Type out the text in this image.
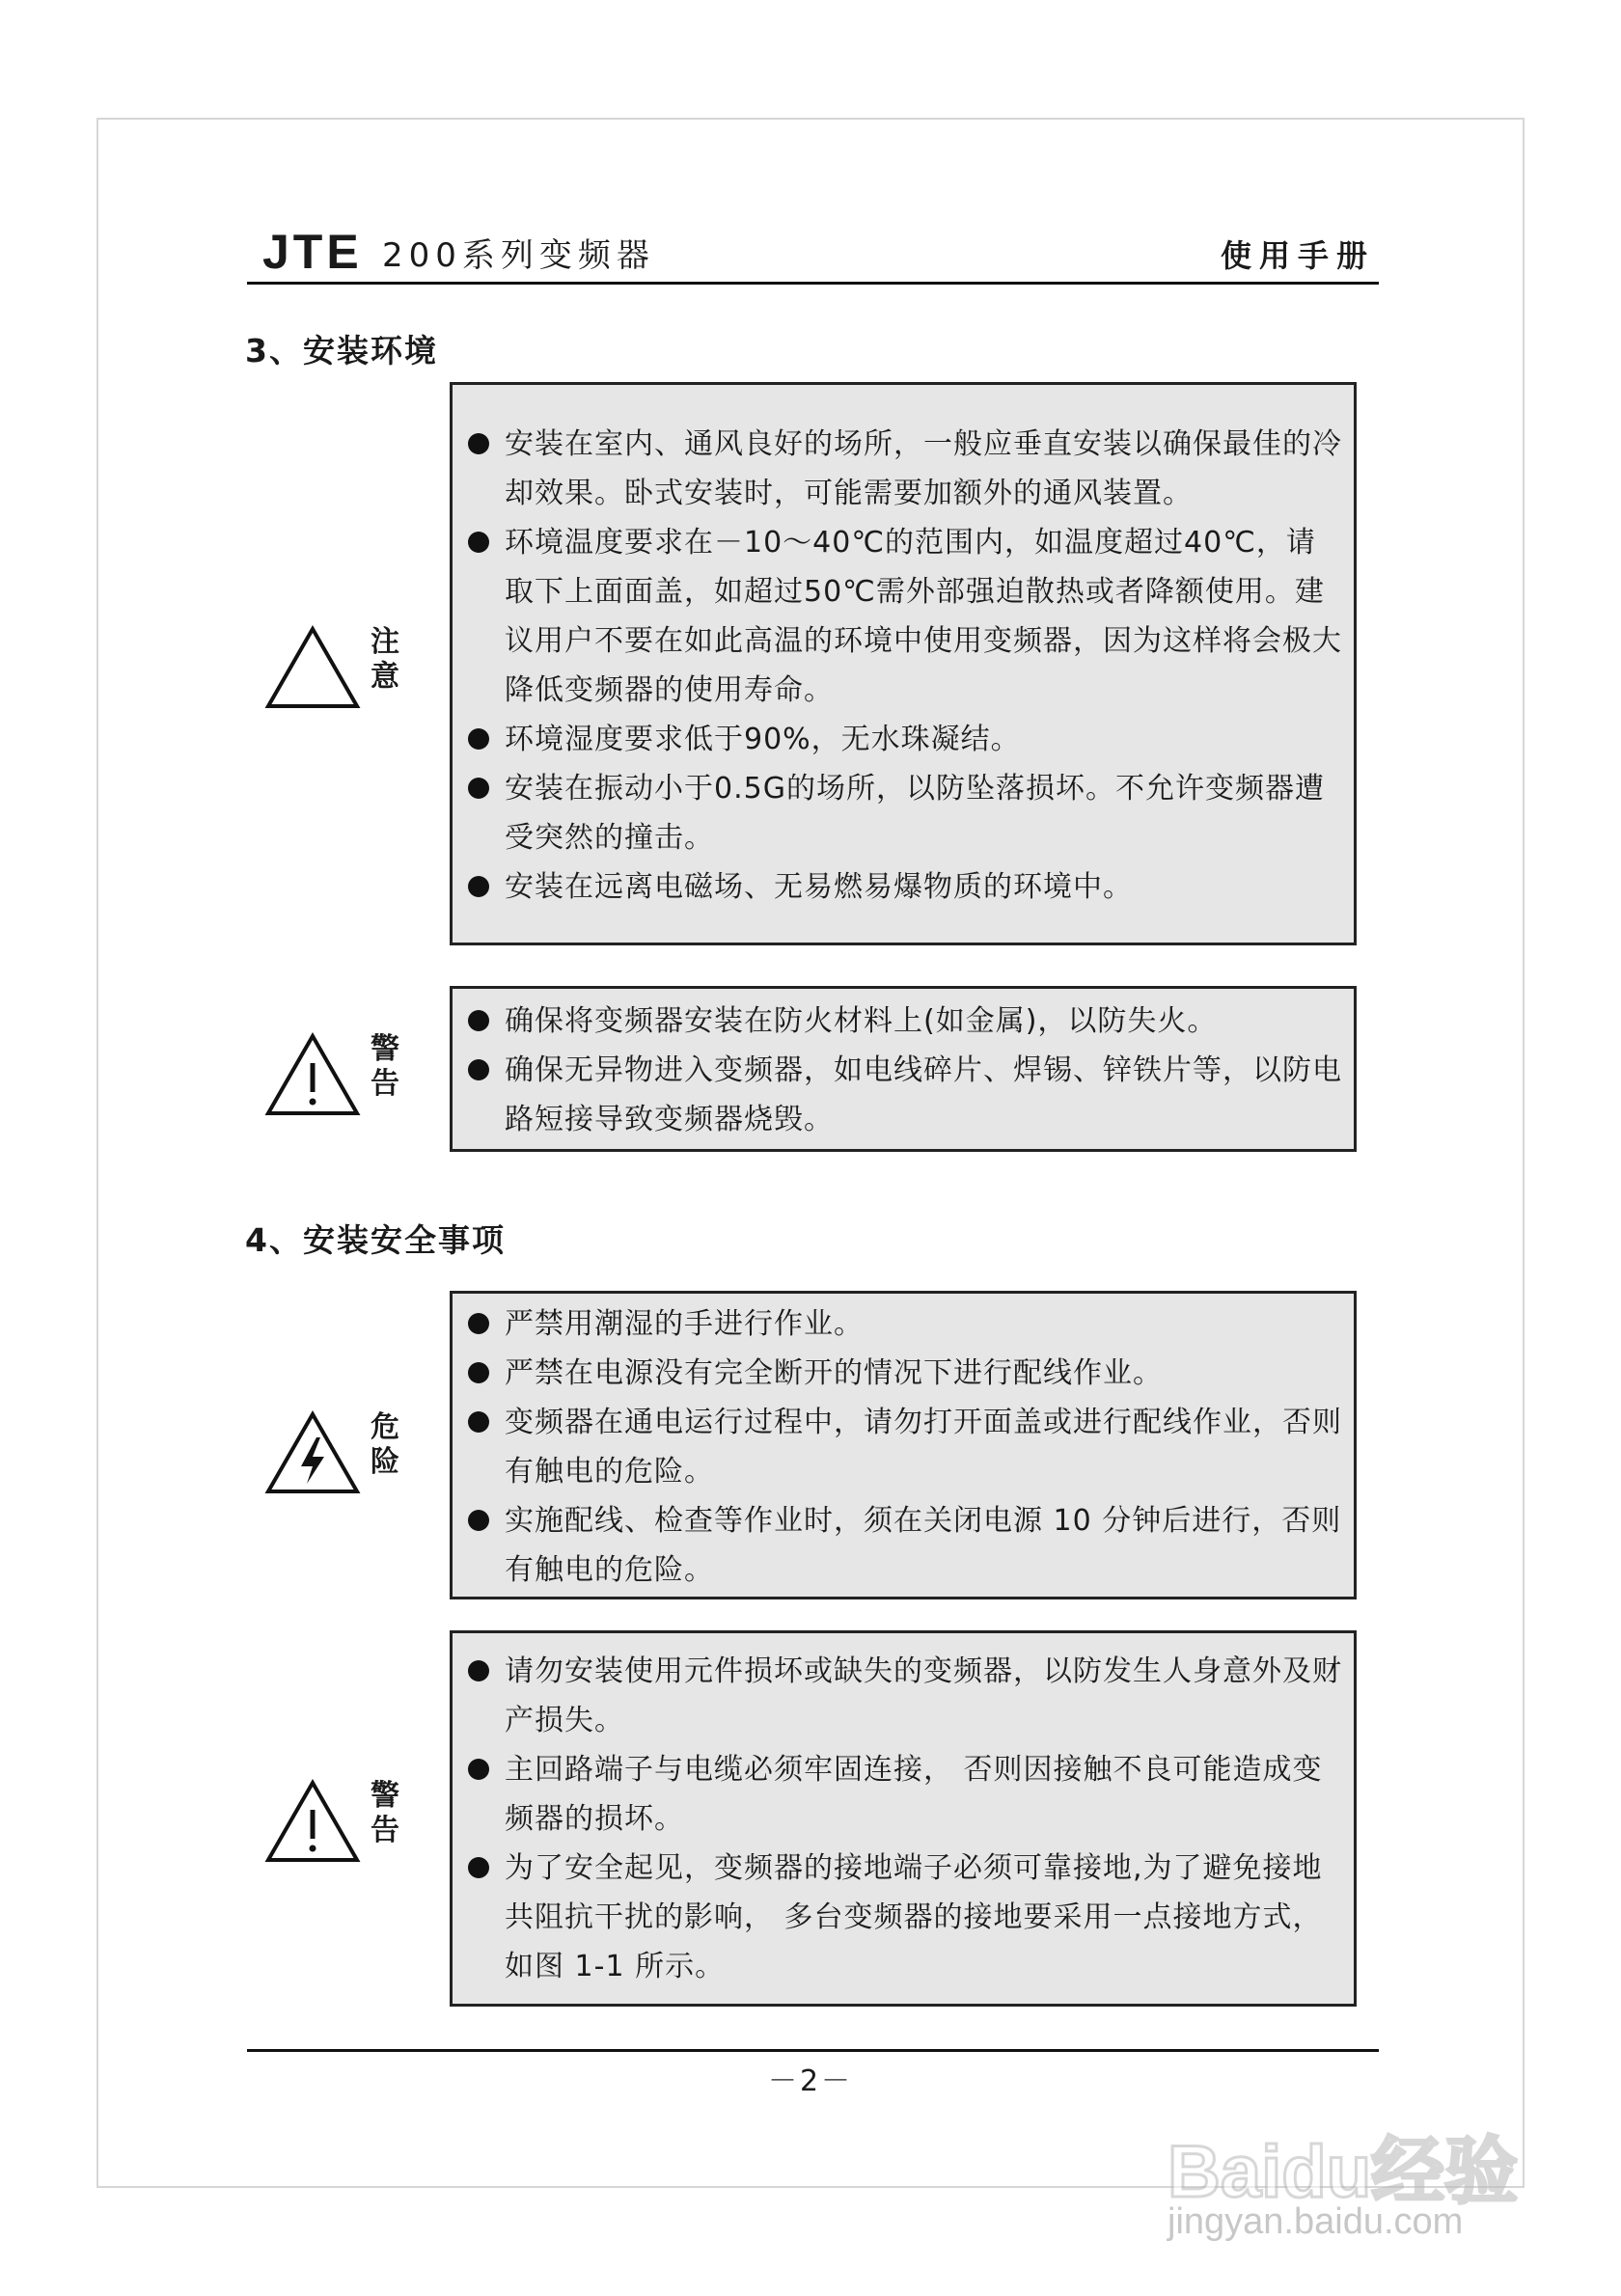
JTE 200系列变频器	使用手册
3、安装环境
注意
安装在室内、通风良好的场所，一般应垂直安装以确保最佳的冷却效果。卧式安装时，可能需要加额外的通风装置。
环境温度要求在－10～40℃的范围内，如温度超过40℃，请取下上面面盖，如超过50℃需外部强迫散热或者降额使用。建议用户不要在如此高温的环境中使用变频器，因为这样将会极大降低变频器的使用寿命。
环境湿度要求低于90%，无水珠凝结。
安装在振动小于0.5G的场所，以防坠落损坏。不允许变频器遭受突然的撞击。
安装在远离电磁场、无易燃易爆物质的环境中。
警告
确保将变频器安装在防火材料上(如金属)，以防失火。
确保无异物进入变频器，如电线碎片、焊锡、锌铁片等，以防电路短接导致变频器烧毁。
4、安装安全事项
危险
严禁用潮湿的手进行作业。
严禁在电源没有完全断开的情况下进行配线作业。
变频器在通电运行过程中，请勿打开面盖或进行配线作业，否则有触电的危险。
实施配线、检查等作业时，须在关闭电源 10 分钟后进行，否则有触电的危险。
警告
请勿安装使用元件损坏或缺失的变频器，以防发生人身意外及财产损失。
主回路端子与电缆必须牢固连接， 否则因接触不良可能造成变频器的损坏。
为了安全起见，变频器的接地端子必须可靠接地,为了避免接地共阻抗干扰的影响， 多台变频器的接地要采用一点接地方式，如图 1-1 所示。
－2－
Baidu经验
jingyan.baidu.com
